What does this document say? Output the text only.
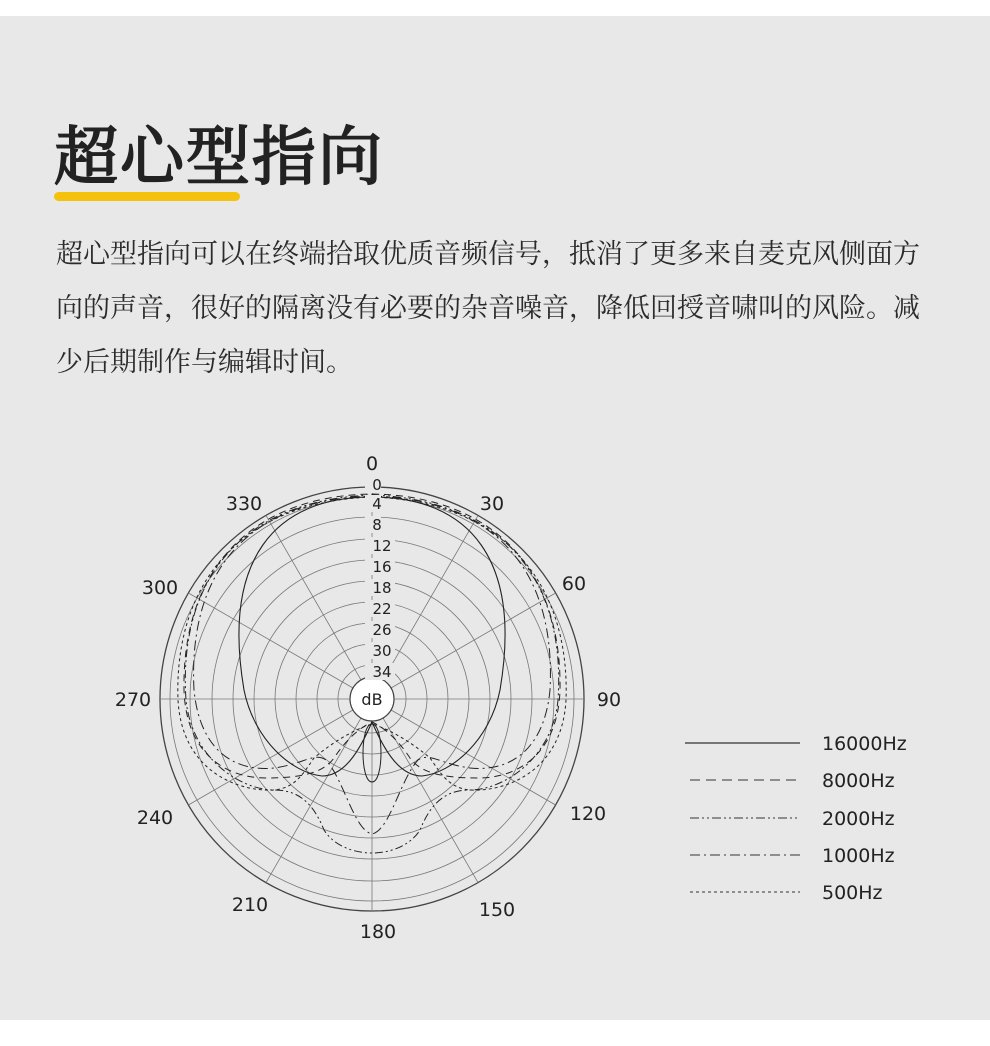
超心型指向

超心型指向可以在终端拾取优质音频信号，抵消了更多来自麦克风侧面方向的声音，很好的隔离没有必要的杂音噪音，降低回授音啸叫的风险。减少后期制作与编辑时间。

0
30
60
90
120
150
180
210
240
270
300
330
0
4
8
12
16
18
22
26
30
34
dB
16000Hz
8000Hz
2000Hz
1000Hz
500Hz
